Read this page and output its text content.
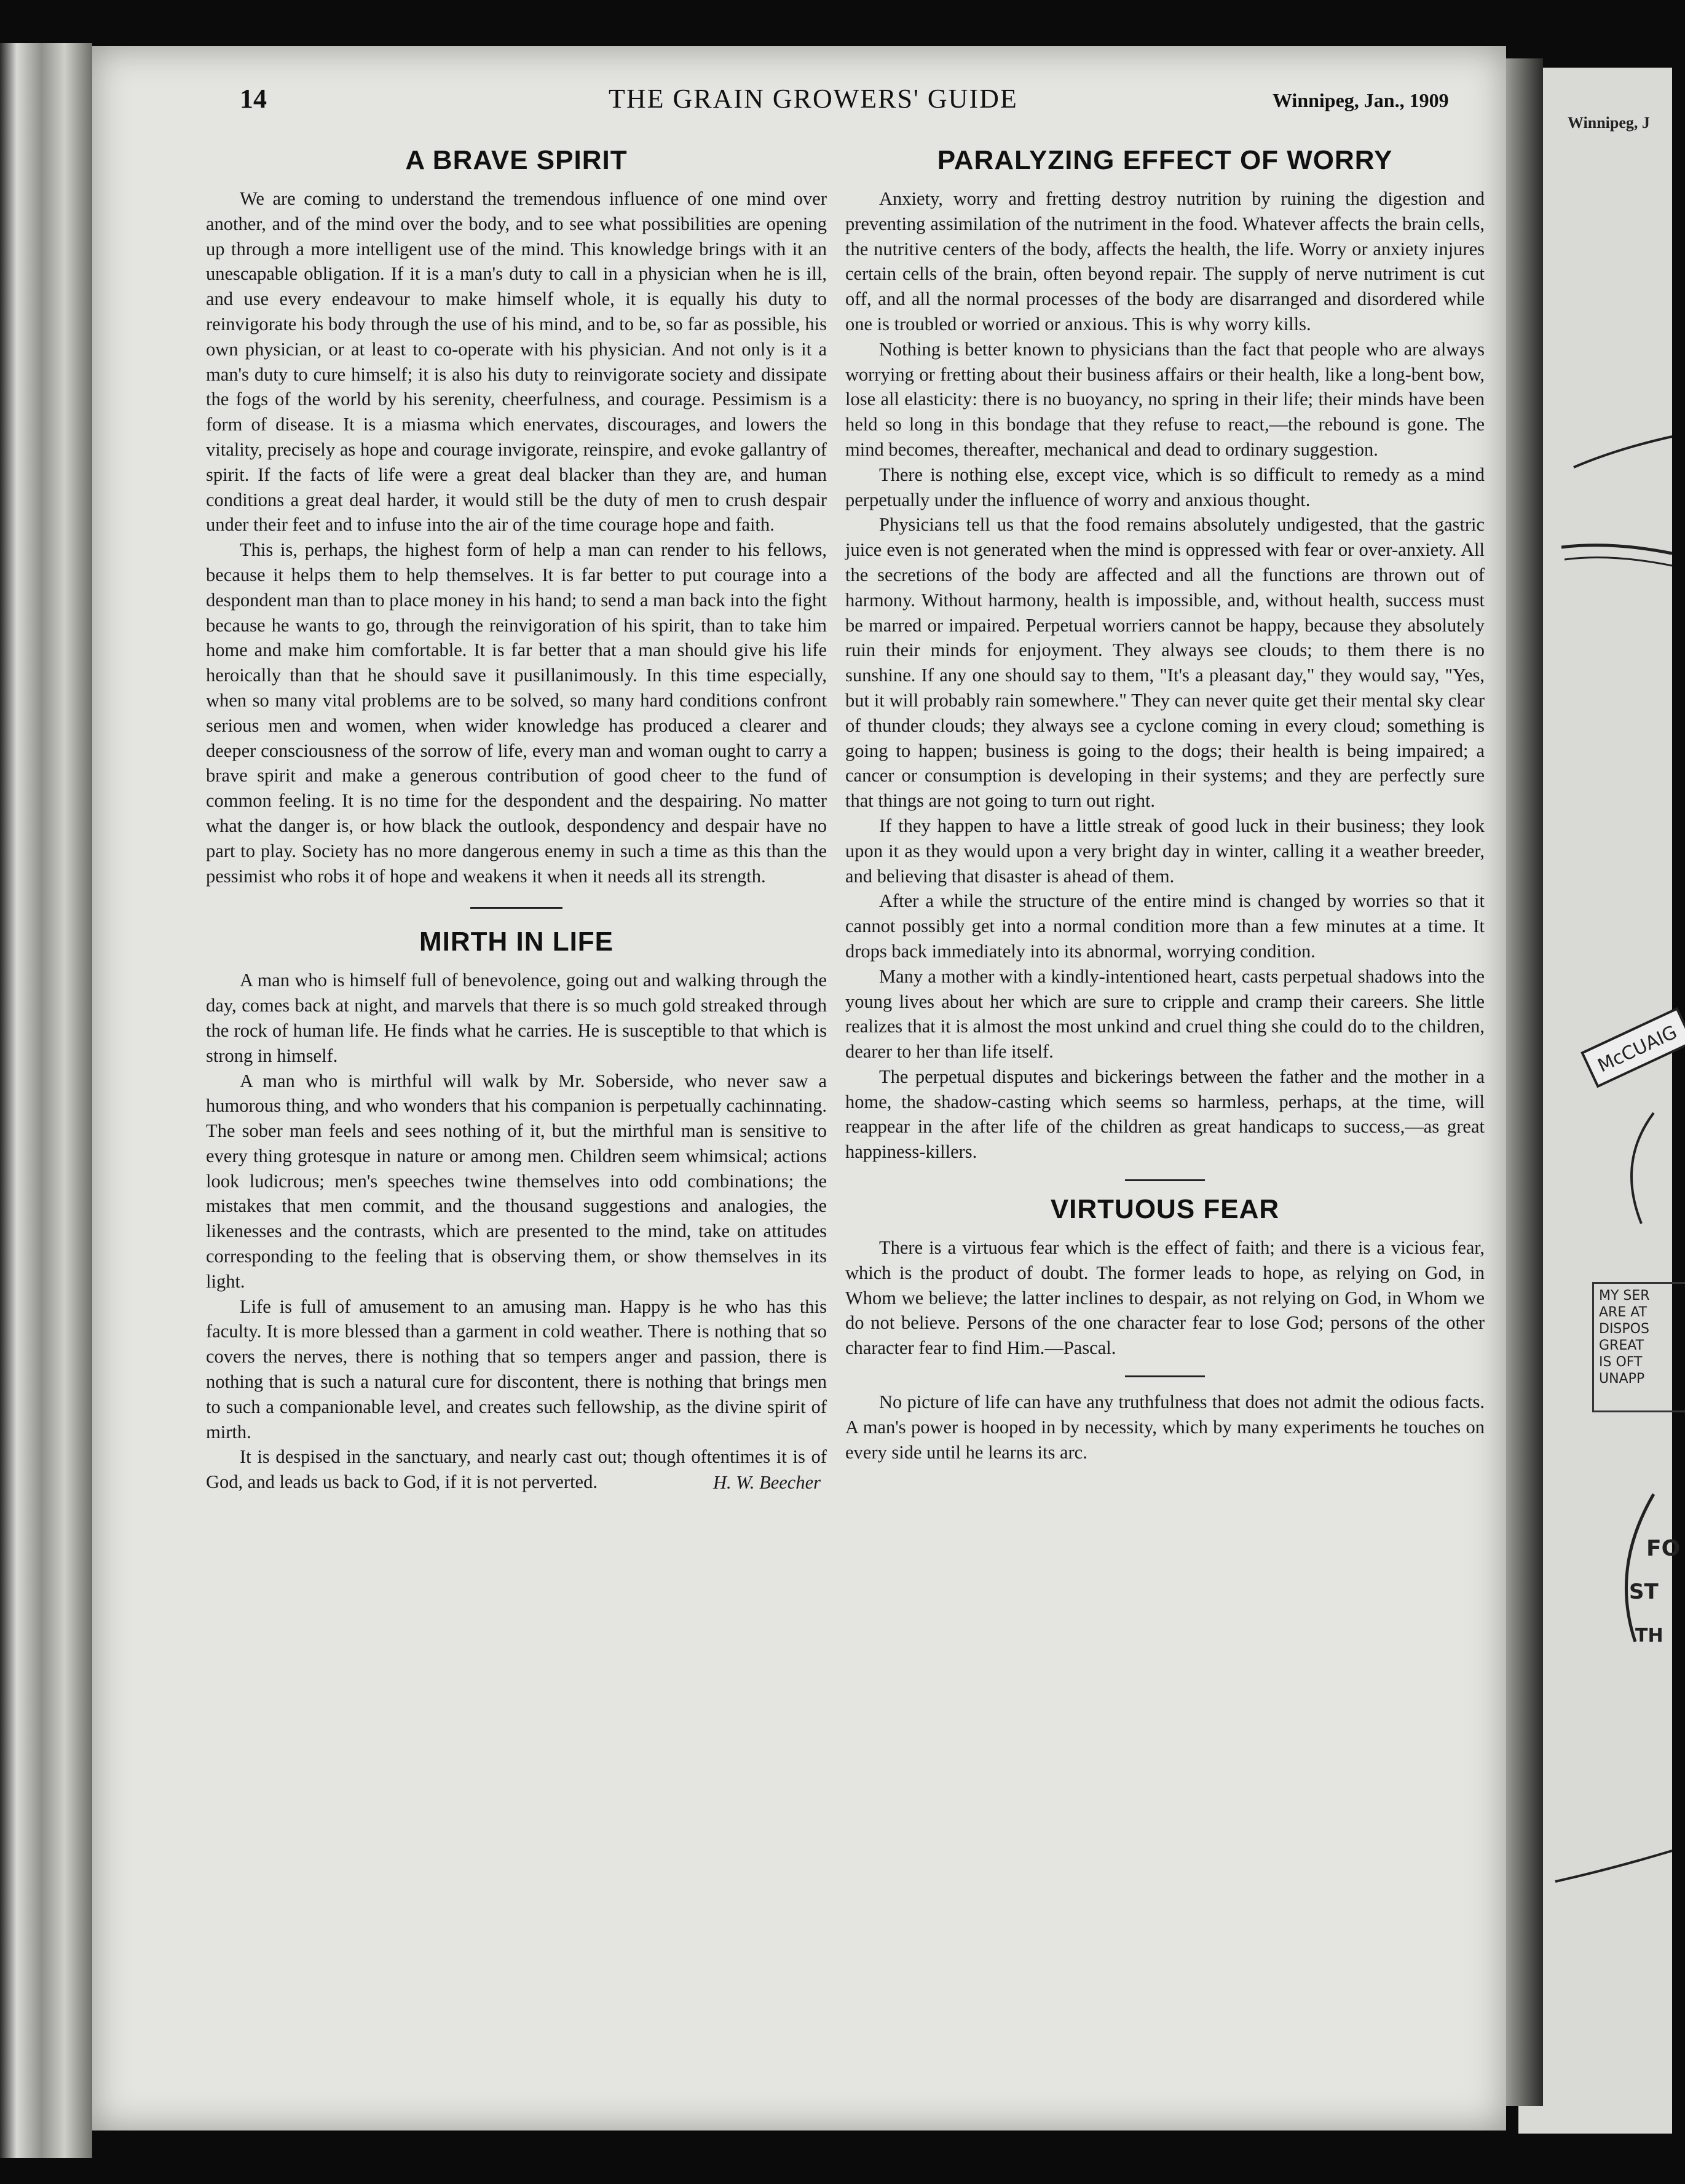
Winnipeg, J
McCUAIG
FO
ST
TH
MY SER
ARE AT
DISPOS
GREAT
IS OFT
UNAPP
14	THE GRAIN GROWERS' GUIDE	Winnipeg, Jan., 1909
A BRAVE SPIRIT

We are coming to understand the tremendous influence of one mind over another, and of the mind over the body, and to see what possibilities are opening up through a more intelligent use of the mind. This knowledge brings with it an unescapable obligation. If it is a man's duty to call in a physician when he is ill, and use every endeavour to make himself whole, it is equally his duty to reinvigorate his body through the use of his mind, and to be, so far as possible, his own physician, or at least to co-operate with his physician. And not only is it a man's duty to cure himself; it is also his duty to reinvigorate society and dissipate the fogs of the world by his serenity, cheerfulness, and courage. Pessimism is a form of disease. It is a miasma which enervates, discourages, and lowers the vitality, precisely as hope and courage invigorate, reinspire, and evoke gallantry of spirit. If the facts of life were a great deal blacker than they are, and human conditions a great deal harder, it would still be the duty of men to crush despair under their feet and to infuse into the air of the time courage hope and faith.

This is, perhaps, the highest form of help a man can render to his fellows, because it helps them to help themselves. It is far better to put courage into a despondent man than to place money in his hand; to send a man back into the fight because he wants to go, through the reinvigoration of his spirit, than to take him home and make him comfortable. It is far better that a man should give his life heroically than that he should save it pusillanimously. In this time especially, when so many vital problems are to be solved, so many hard conditions confront serious men and women, when wider knowledge has produced a clearer and deeper consciousness of the sorrow of life, every man and woman ought to carry a brave spirit and make a generous contribution of good cheer to the fund of common feeling. It is no time for the despondent and the despairing. No matter what the danger is, or how black the outlook, despondency and despair have no part to play. Society has no more dangerous enemy in such a time as this than the pessimist who robs it of hope and weakens it when it needs all its strength.

MIRTH IN LIFE

A man who is himself full of benevolence, going out and walking through the day, comes back at night, and marvels that there is so much gold streaked through the rock of human life. He finds what he carries. He is susceptible to that which is strong in himself.

A man who is mirthful will walk by Mr. Soberside, who never saw a humorous thing, and who wonders that his companion is perpetually cachinnating. The sober man feels and sees nothing of it, but the mirthful man is sensitive to every thing grotesque in nature or among men. Children seem whimsical; actions look ludicrous; men's speeches twine themselves into odd combinations; the mistakes that men commit, and the thousand suggestions and analogies, the likenesses and the contrasts, which are presented to the mind, take on attitudes corresponding to the feeling that is observing them, or show themselves in its light.

Life is full of amusement to an amusing man. Happy is he who has this faculty. It is more blessed than a garment in cold weather. There is nothing that so covers the nerves, there is nothing that so tempers anger and passion, there is nothing that is such a natural cure for discontent, there is nothing that brings men to such a companionable level, and creates such fellowship, as the divine spirit of mirth.

It is despised in the sanctuary, and nearly cast out; though oftentimes it is of God, and leads us back to God, if it is not perverted.	H. W. Beecher
PARALYZING EFFECT OF WORRY

Anxiety, worry and fretting destroy nutrition by ruining the digestion and preventing assimilation of the nutriment in the food. Whatever affects the brain cells, the nutritive centers of the body, affects the health, the life. Worry or anxiety injures certain cells of the brain, often beyond repair. The supply of nerve nutriment is cut off, and all the normal processes of the body are disarranged and disordered while one is troubled or worried or anxious. This is why worry kills.

Nothing is better known to physicians than the fact that people who are always worrying or fretting about their business affairs or their health, like a long-bent bow, lose all elasticity: there is no buoyancy, no spring in their life; their minds have been held so long in this bondage that they refuse to react,—the rebound is gone. The mind becomes, thereafter, mechanical and dead to ordinary suggestion.

There is nothing else, except vice, which is so difficult to remedy as a mind perpetually under the influence of worry and anxious thought.

Physicians tell us that the food remains absolutely undigested, that the gastric juice even is not generated when the mind is oppressed with fear or over-anxiety. All the secretions of the body are affected and all the functions are thrown out of harmony. Without harmony, health is impossible, and, without health, success must be marred or impaired. Perpetual worriers cannot be happy, because they absolutely ruin their minds for enjoyment. They always see clouds; to them there is no sunshine. If any one should say to them, "It's a pleasant day," they would say, "Yes, but it will probably rain somewhere." They can never quite get their mental sky clear of thunder clouds; they always see a cyclone coming in every cloud; something is going to happen; business is going to the dogs; their health is being impaired; a cancer or consumption is developing in their systems; and they are perfectly sure that things are not going to turn out right.

If they happen to have a little streak of good luck in their business; they look upon it as they would upon a very bright day in winter, calling it a weather breeder, and believing that disaster is ahead of them.

After a while the structure of the entire mind is changed by worries so that it cannot possibly get into a normal condition more than a few minutes at a time. It drops back immediately into its abnormal, worrying condition.

Many a mother with a kindly-intentioned heart, casts perpetual shadows into the young lives about her which are sure to cripple and cramp their careers. She little realizes that it is almost the most unkind and cruel thing she could do to the children, dearer to her than life itself.

The perpetual disputes and bickerings between the father and the mother in a home, the shadow-casting which seems so harmless, perhaps, at the time, will reappear in the after life of the children as great handicaps to success,—as great happiness-killers.

VIRTUOUS FEAR

There is a virtuous fear which is the effect of faith; and there is a vicious fear, which is the product of doubt. The former leads to hope, as relying on God, in Whom we believe; the latter inclines to despair, as not relying on God, in Whom we do not believe. Persons of the one character fear to lose God; persons of the other character fear to find Him.—Pascal.

No picture of life can have any truthfulness that does not admit the odious facts. A man's power is hooped in by necessity, which by many experiments he touches on every side until he learns its arc.
